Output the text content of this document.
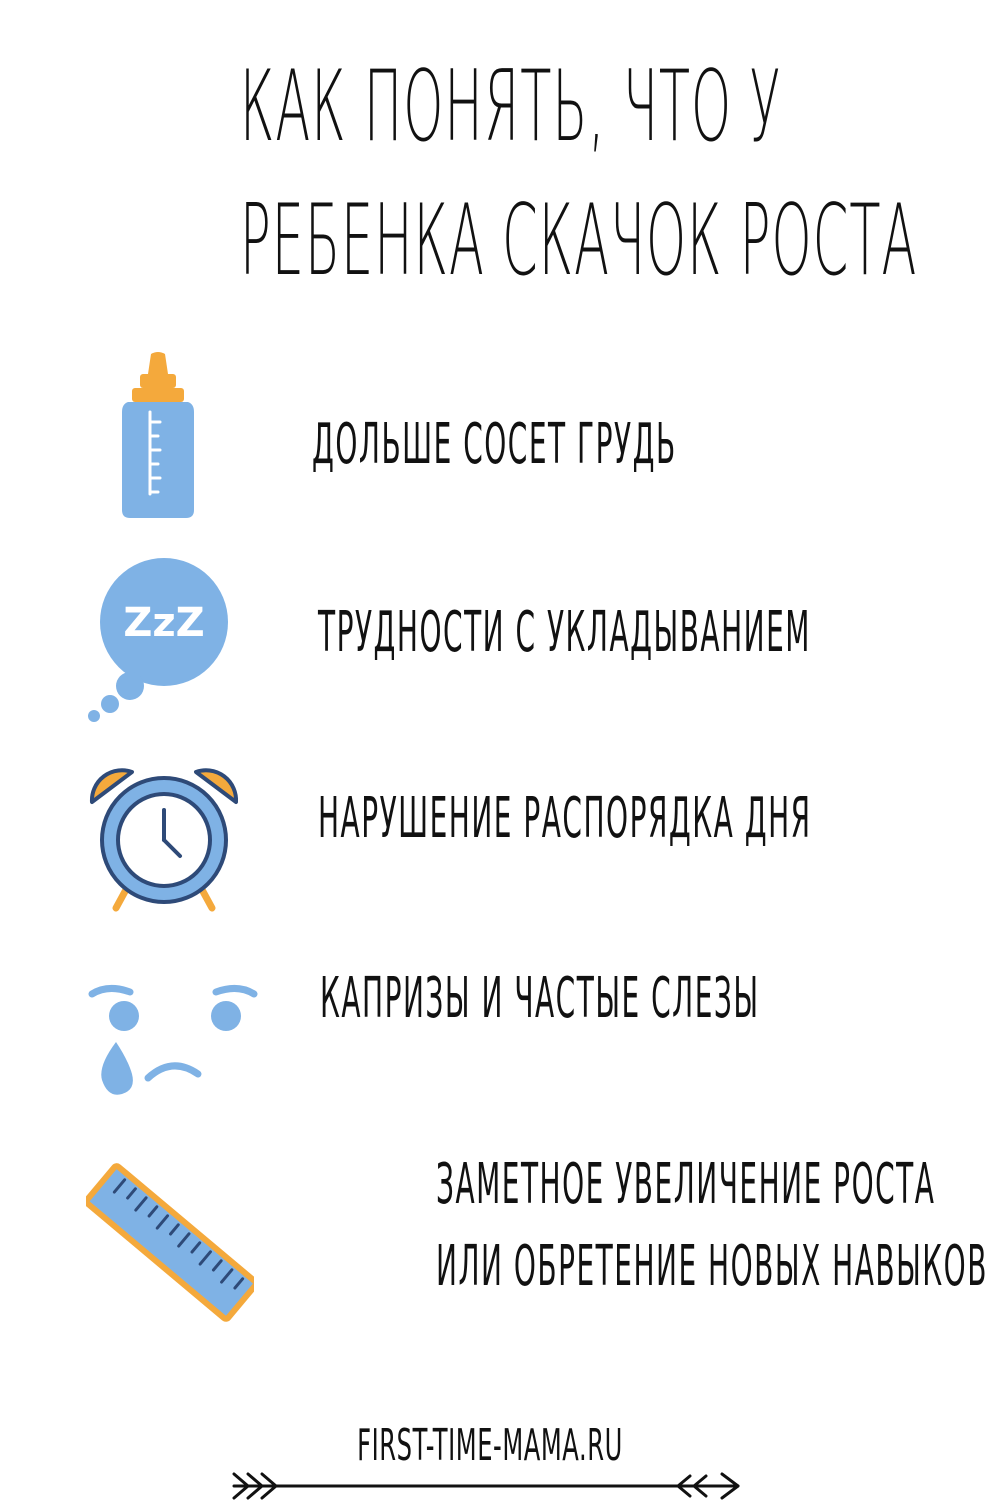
КАК ПОНЯТЬ, ЧТО У
РЕБЕНКА СКАЧОК РОСТА
ДОЛЬШЕ СОСЕТ ГРУДЬ
ZzZ ТРУДНОСТИ С УКЛАДЫВАНИЕМ
НАРУШЕНИЕ РАСПОРЯДКА ДНЯ
КАПРИЗЫ И ЧАСТЫЕ СЛЕЗЫ
ЗАМЕТНОЕ УВЕЛИЧЕНИЕ РОСТА
ИЛИ ОБРЕТЕНИЕ НОВЫХ НАВЫКОВ
FIRST-TIME-MAMA.RU
